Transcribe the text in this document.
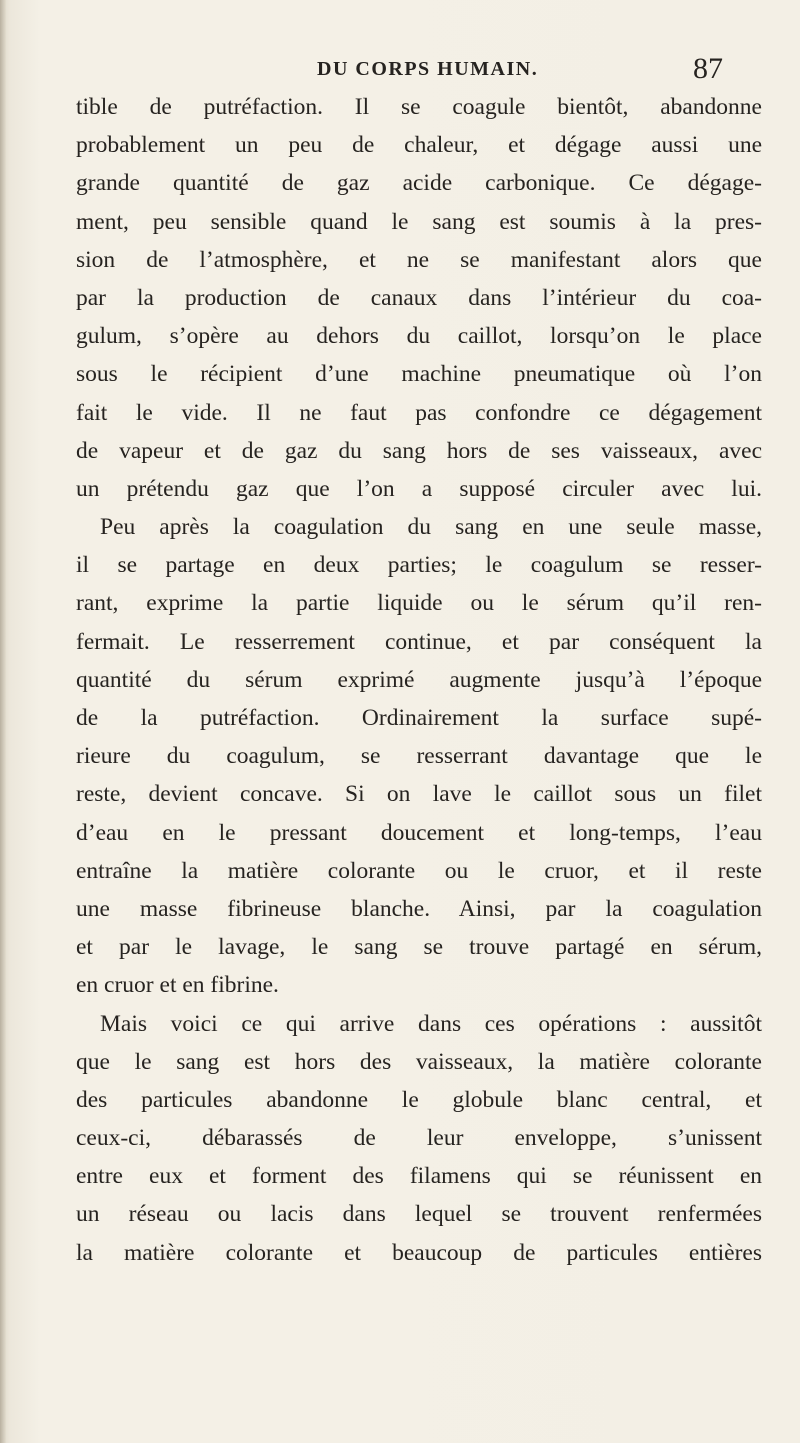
DU CORPS HUMAIN.	87
tible de putréfaction. Il se coagule bientôt, abandonne
probablement un peu de chaleur, et dégage aussi une
grande quantité de gaz acide carbonique. Ce dégage-
ment, peu sensible quand le sang est soumis à la pres-
sion de l’atmosphère, et ne se manifestant alors que
par la production de canaux dans l’intérieur du coa-
gulum, s’opère au dehors du caillot, lorsqu’on le place
sous le récipient d’une machine pneumatique où l’on
fait le vide. Il ne faut pas confondre ce dégagement
de vapeur et de gaz du sang hors de ses vaisseaux, avec
un prétendu gaz que l’on a supposé circuler avec lui.
Peu après la coagulation du sang en une seule masse,
il se partage en deux parties; le coagulum se resser-
rant, exprime la partie liquide ou le sérum qu’il ren-
fermait. Le resserrement continue, et par conséquent la
quantité du sérum exprimé augmente jusqu’à l’époque
de la putréfaction. Ordinairement la surface supé-
rieure du coagulum, se resserrant davantage que le
reste, devient concave. Si on lave le caillot sous un filet
d’eau en le pressant doucement et long-temps, l’eau
entraîne la matière colorante ou le cruor, et il reste
une masse fibrineuse blanche. Ainsi, par la coagulation
et par le lavage, le sang se trouve partagé en sérum,
en cruor et en fibrine.
Mais voici ce qui arrive dans ces opérations : aussitôt
que le sang est hors des vaisseaux, la matière colorante
des particules abandonne le globule blanc central, et
ceux-ci, débarassés de leur enveloppe, s’unissent
entre eux et forment des filamens qui se réunissent en
un réseau ou lacis dans lequel se trouvent renfermées
la matière colorante et beaucoup de particules entières
